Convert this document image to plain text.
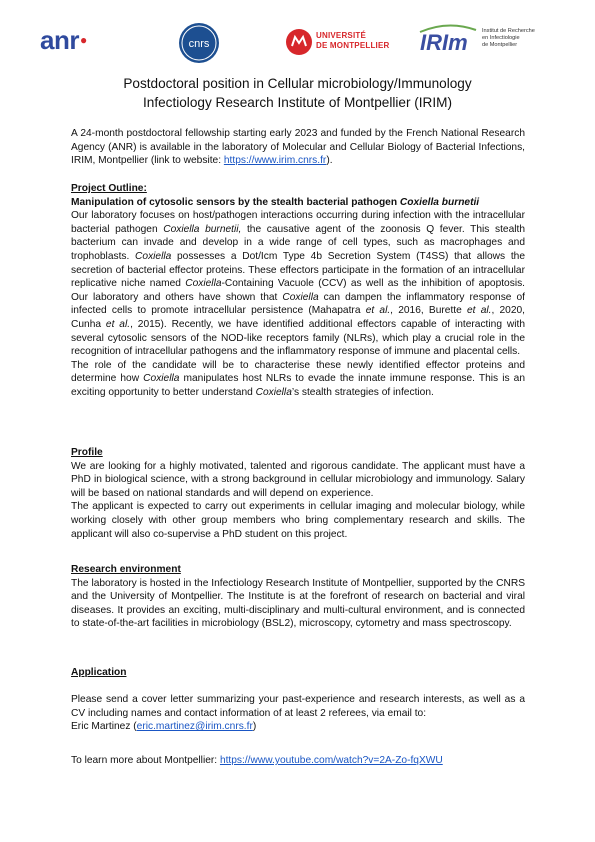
anr●	cnrs
UNIVERSITÉ
DE MONTPELLIER IRIm	Institut de Recherche
en Infectiologie
de Montpellier
Postdoctoral position in Cellular microbiology/Immunology
Infectiology Research Institute of Montpellier (IRIM)

A 24-month postdoctoral fellowship starting early 2023 and funded by the French National Research Agency (ANR) is available in the laboratory of Molecular and Cellular Biology of Bacterial Infections, IRIM, Montpellier (link to website: https://www.irim.cnrs.fr).

Project Outline:
Manipulation of cytosolic sensors by the stealth bacterial pathogen Coxiella burnetii

Our laboratory focuses on host/pathogen interactions occurring during infection with the intracellular bacterial pathogen Coxiella burnetii, the causative agent of the zoonosis Q fever. This stealth bacterium can invade and develop in a wide range of cell types, such as macrophages and trophoblasts. Coxiella possesses a Dot/Icm Type 4b Secretion System (T4SS) that allows the secretion of bacterial effector proteins. These effectors participate in the formation of an intracellular replicative niche named Coxiella-Containing Vacuole (CCV) as well as the inhibition of apoptosis. Our laboratory and others have shown that Coxiella can dampen the inflammatory response of infected cells to promote intracellular persistence (Mahapatra et al., 2016, Burette et al., 2020, Cunha et al., 2015). Recently, we have identified additional effectors capable of interacting with several cytosolic sensors of the NOD-like receptors family (NLRs), which play a crucial role in the recognition of intracellular pathogens and the inflammatory response of immune and placental cells.

The role of the candidate will be to characterise these newly identified effector proteins and determine how Coxiella manipulates host NLRs to evade the innate immune response. This is an exciting opportunity to better understand Coxiella’s stealth strategies of infection.

Profile

We are looking for a highly motivated, talented and rigorous candidate. The applicant must have a PhD in biological science, with a strong background in cellular microbiology and immunology. Salary will be based on national standards and will depend on experience.

The applicant is expected to carry out experiments in cellular imaging and molecular biology, while working closely with other group members who bring complementary research and skills. The applicant will also co-supervise a PhD student on this project.

Research environment

The laboratory is hosted in the Infectiology Research Institute of Montpellier, supported by the CNRS and the University of Montpellier. The Institute is at the forefront of research on bacterial and viral diseases. It provides an exciting, multi-disciplinary and multi-cultural environment, and is connected to state-of-the-art facilities in microbiology (BSL2), microscopy, cytometry and mass spectroscopy.

Application

Please send a cover letter summarizing your past-experience and research interests, as well as a CV including names and contact information of at least 2 referees, via email to:

Eric Martinez (eric.martinez@irim.cnrs.fr)

To learn more about Montpellier: https://www.youtube.com/watch?v=2A-Zo-fqXWU
